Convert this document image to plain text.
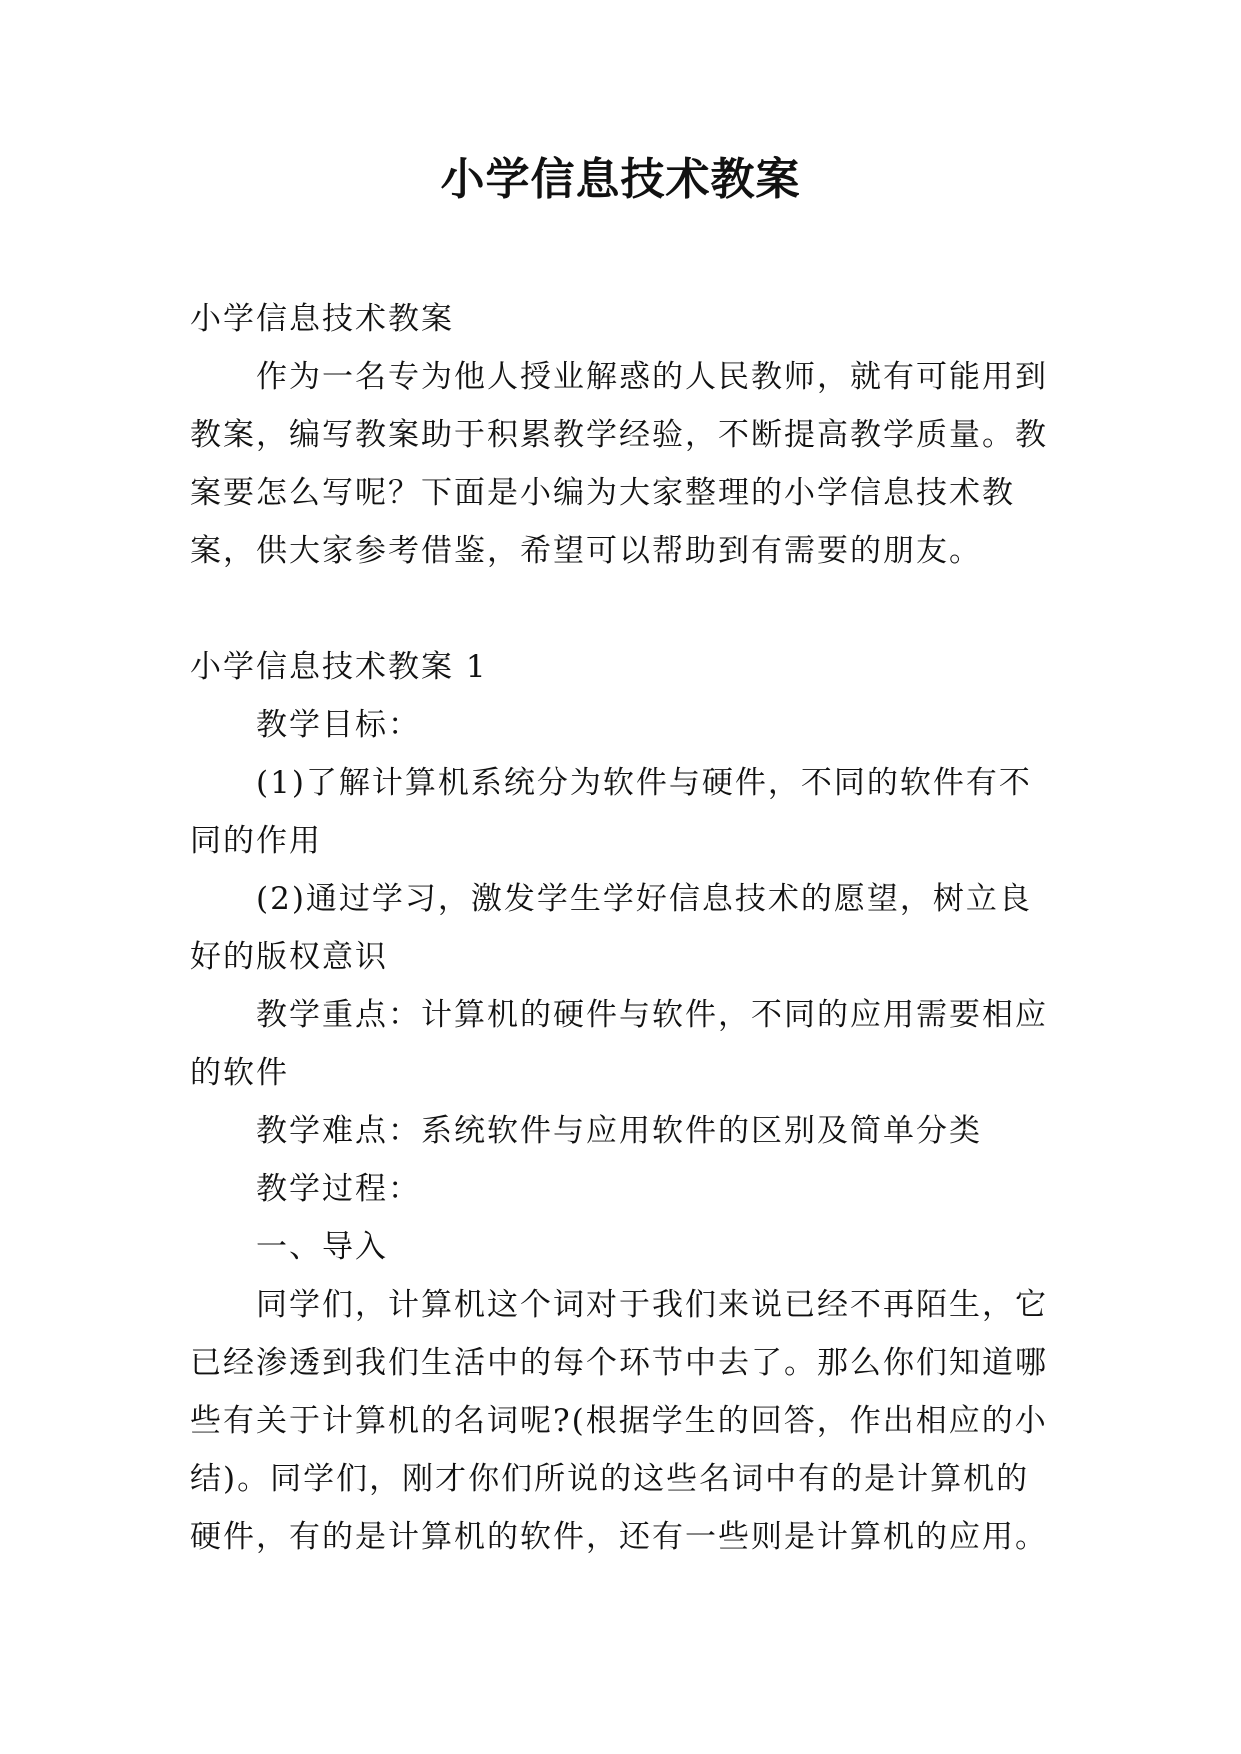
小学信息技术教案
小学信息技术教案
作为一名专为他人授业解惑的人民教师，就有可能用到
教案，编写教案助于积累教学经验，不断提高教学质量。教
案要怎么写呢？下面是小编为大家整理的小学信息技术教
案，供大家参考借鉴，希望可以帮助到有需要的朋友。
小学信息技术教案 1
教学目标：
(1)了解计算机系统分为软件与硬件，不同的软件有不
同的作用
(2)通过学习，激发学生学好信息技术的愿望，树立良
好的版权意识
教学重点：计算机的硬件与软件，不同的应用需要相应
的软件
教学难点：系统软件与应用软件的区别及简单分类
教学过程：
一、导入
同学们，计算机这个词对于我们来说已经不再陌生，它
已经渗透到我们生活中的每个环节中去了。那么你们知道哪
些有关于计算机的名词呢?(根据学生的回答，作出相应的小
结)。同学们，刚才你们所说的这些名词中有的是计算机的
硬件，有的是计算机的软件，还有一些则是计算机的应用。
